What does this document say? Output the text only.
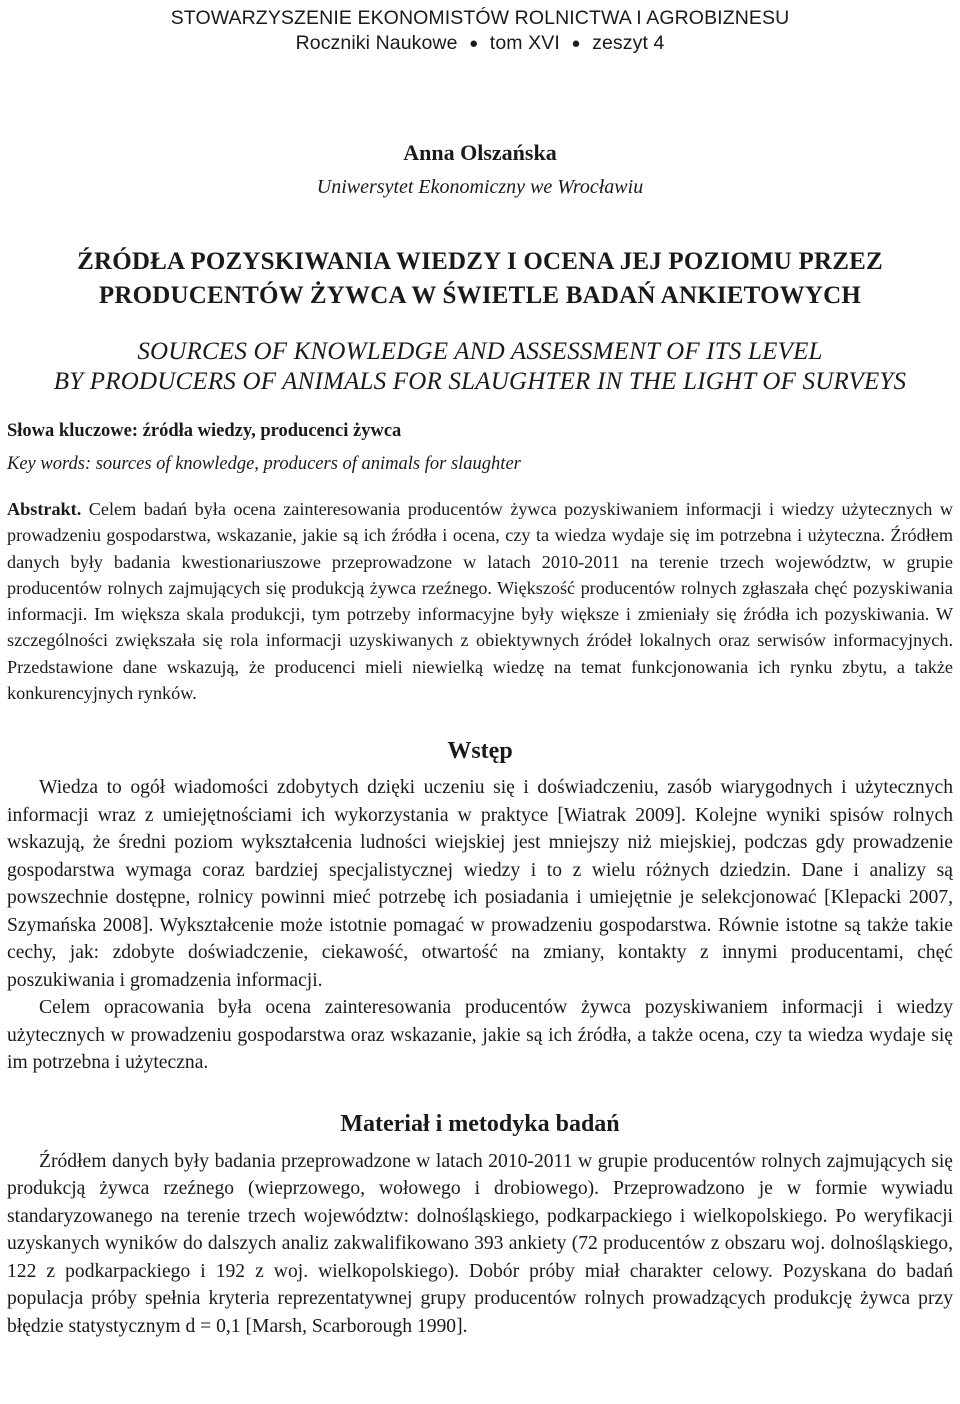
STOWARZYSZENIE EKONOMISTÓW ROLNICTWA I AGROBIZNESU
Roczniki Naukowe ● tom XVI ● zeszyt 4
Anna Olszańska
Uniwersytet Ekonomiczny we Wrocławiu
ŹRÓDŁA POZYSKIWANIA WIEDZY I OCENA JEJ POZIOMU PRZEZ
PRODUCENTÓW ŻYWCA W ŚWIETLE BADAŃ ANKIETOWYCH
SOURCES OF KNOWLEDGE AND ASSESSMENT OF ITS LEVEL
BY PRODUCERS OF ANIMALS FOR SLAUGHTER IN THE LIGHT OF SURVEYS
Słowa kluczowe: źródła wiedzy, producenci żywca
Key words: sources of knowledge, producers of animals for slaughter
Abstrakt. Celem badań była ocena zainteresowania producentów żywca pozyskiwaniem informacji i wiedzy użytecznych w prowadzeniu gospodarstwa, wskazanie, jakie są ich źródła i ocena, czy ta wiedza wydaje się im potrzebna i użyteczna. Źródłem danych były badania kwestionariuszowe przeprowadzone w latach 2010-2011 na terenie trzech województw, w grupie producentów rolnych zajmujących się produkcją żywca rzeźnego. Większość producentów rolnych zgłaszała chęć pozyskiwania informacji. Im większa skala produkcji, tym potrzeby informacyjne były większe i zmieniały się źródła ich pozyskiwania. W szczególności zwiększała się rola informacji uzyskiwanych z obiektywnych źródeł lokalnych oraz serwisów informacyjnych. Przedstawione dane wskazują, że producenci mieli niewielką wiedzę na temat funkcjonowania ich rynku zbytu, a także konkurencyjnych rynków.
Wstęp

Wiedza to ogół wiadomości zdobytych dzięki uczeniu się i doświadczeniu, zasób wiarygodnych i użytecznych informacji wraz z umiejętnościami ich wykorzystania w praktyce [Wiatrak 2009]. Kolejne wyniki spisów rolnych wskazują, że średni poziom wykształcenia ludności wiejskiej jest mniejszy niż miejskiej, podczas gdy prowadzenie gospodarstwa wymaga coraz bardziej specjalistycznej wiedzy i to z wielu różnych dziedzin. Dane i analizy są powszechnie dostępne, rolnicy powinni mieć potrzebę ich posiadania i umiejętnie je selekcjonować [Klepacki 2007, Szymańska 2008]. Wykształcenie może istotnie pomagać w prowadzeniu gospodarstwa. Równie istotne są także takie cechy, jak: zdobyte doświadczenie, ciekawość, otwartość na zmiany, kontakty z innymi producentami, chęć poszukiwania i gromadzenia informacji.

Celem opracowania była ocena zainteresowania producentów żywca pozyskiwaniem informacji i wiedzy użytecznych w prowadzeniu gospodarstwa oraz wskazanie, jakie są ich źródła, a także ocena, czy ta wiedza wydaje się im potrzebna i użyteczna.

Materiał i metodyka badań

Źródłem danych były badania przeprowadzone w latach 2010-2011 w grupie producentów rolnych zajmujących się produkcją żywca rzeźnego (wieprzowego, wołowego i drobiowego). Przeprowadzono je w formie wywiadu standaryzowanego na terenie trzech województw: dolnośląskiego, podkarpackiego i wielkopolskiego. Po weryfikacji uzyskanych wyników do dalszych analiz zakwalifikowano 393 ankiety (72 producentów z obszaru woj. dolnośląskiego, 122 z podkarpackiego i 192 z woj. wielkopolskiego). Dobór próby miał charakter celowy. Pozyskana do badań populacja próby spełnia kryteria reprezentatywnej grupy producentów rolnych prowadzących produkcję żywca przy błędzie statystycznym d = 0,1 [Marsh, Scarborough 1990].
